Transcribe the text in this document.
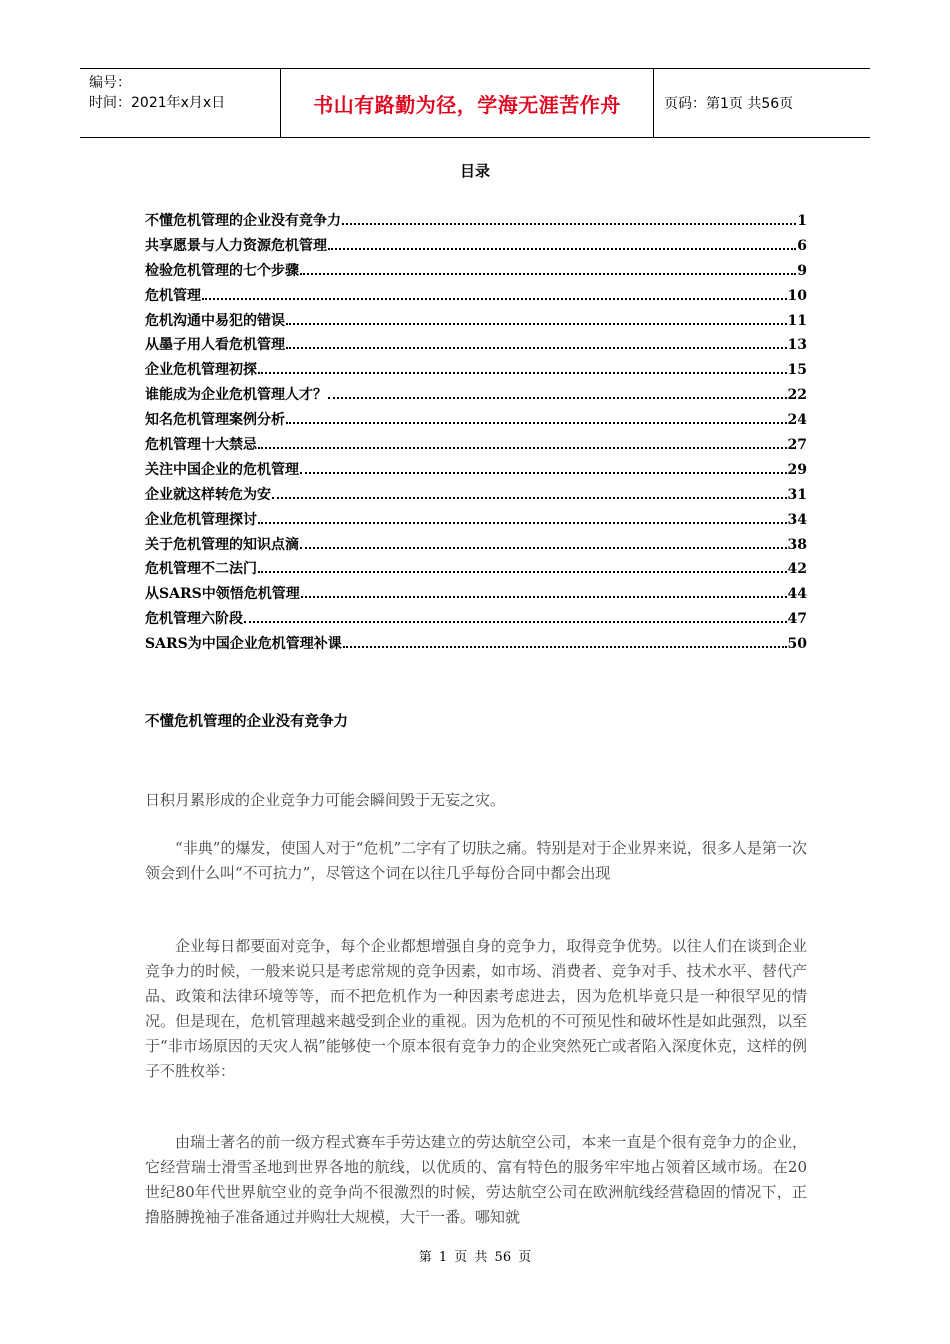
编号：
时间：2021年x月x日	书山有路勤为径，学海无涯苦作舟	页码：第1页 共56页
目录
不懂危机管理的企业没有竞争力	1
共享愿景与人力资源危机管理	6
检验危机管理的七个步骤	9
危机管理	10
危机沟通中易犯的错误	11
从墨子用人看危机管理	13
企业危机管理初探	15
谁能成为企业危机管理人才？	22
知名危机管理案例分析	24
危机管理十大禁忌	27
关注中国企业的危机管理	29
企业就这样转危为安	31
企业危机管理探讨	34
关于危机管理的知识点滴	38
危机管理不二法门	42
从SARS中领悟危机管理	44
危机管理六阶段	47
SARS为中国企业危机管理补课	50
不懂危机管理的企业没有竞争力
日积月累形成的企业竞争力可能会瞬间毁于无妄之灾。
“非典”的爆发，使国人对于“危机”二字有了切肤之痛。特别是对于企业界来说，很多人是第一次领会到什么叫“不可抗力”，尽管这个词在以往几乎每份合同中都会出现
企业每日都要面对竞争，每个企业都想增强自身的竞争力，取得竞争优势。以往人们在谈到企业竞争力的时候，一般来说只是考虑常规的竞争因素，如市场、消费者、竞争对手、技术水平、替代产品、政策和法律环境等等，而不把危机作为一种因素考虑进去，因为危机毕竟只是一种很罕见的情况。但是现在，危机管理越来越受到企业的重视。因为危机的不可预见性和破坏性是如此强烈，以至于“非市场原因的天灾人祸”能够使一个原本很有竞争力的企业突然死亡或者陷入深度休克，这样的例子不胜枚举：
由瑞士著名的前一级方程式赛车手劳达建立的劳达航空公司，本来一直是个很有竞争力的企业，它经营瑞士滑雪圣地到世界各地的航线，以优质的、富有特色的服务牢牢地占领着区域市场。在20世纪80年代世界航空业的竞争尚不很激烈的时候，劳达航空公司在欧洲航线经营稳固的情况下，正撸胳膊挽袖子准备通过并购壮大规模，大干一番。哪知就
第 1 页 共 56 页
